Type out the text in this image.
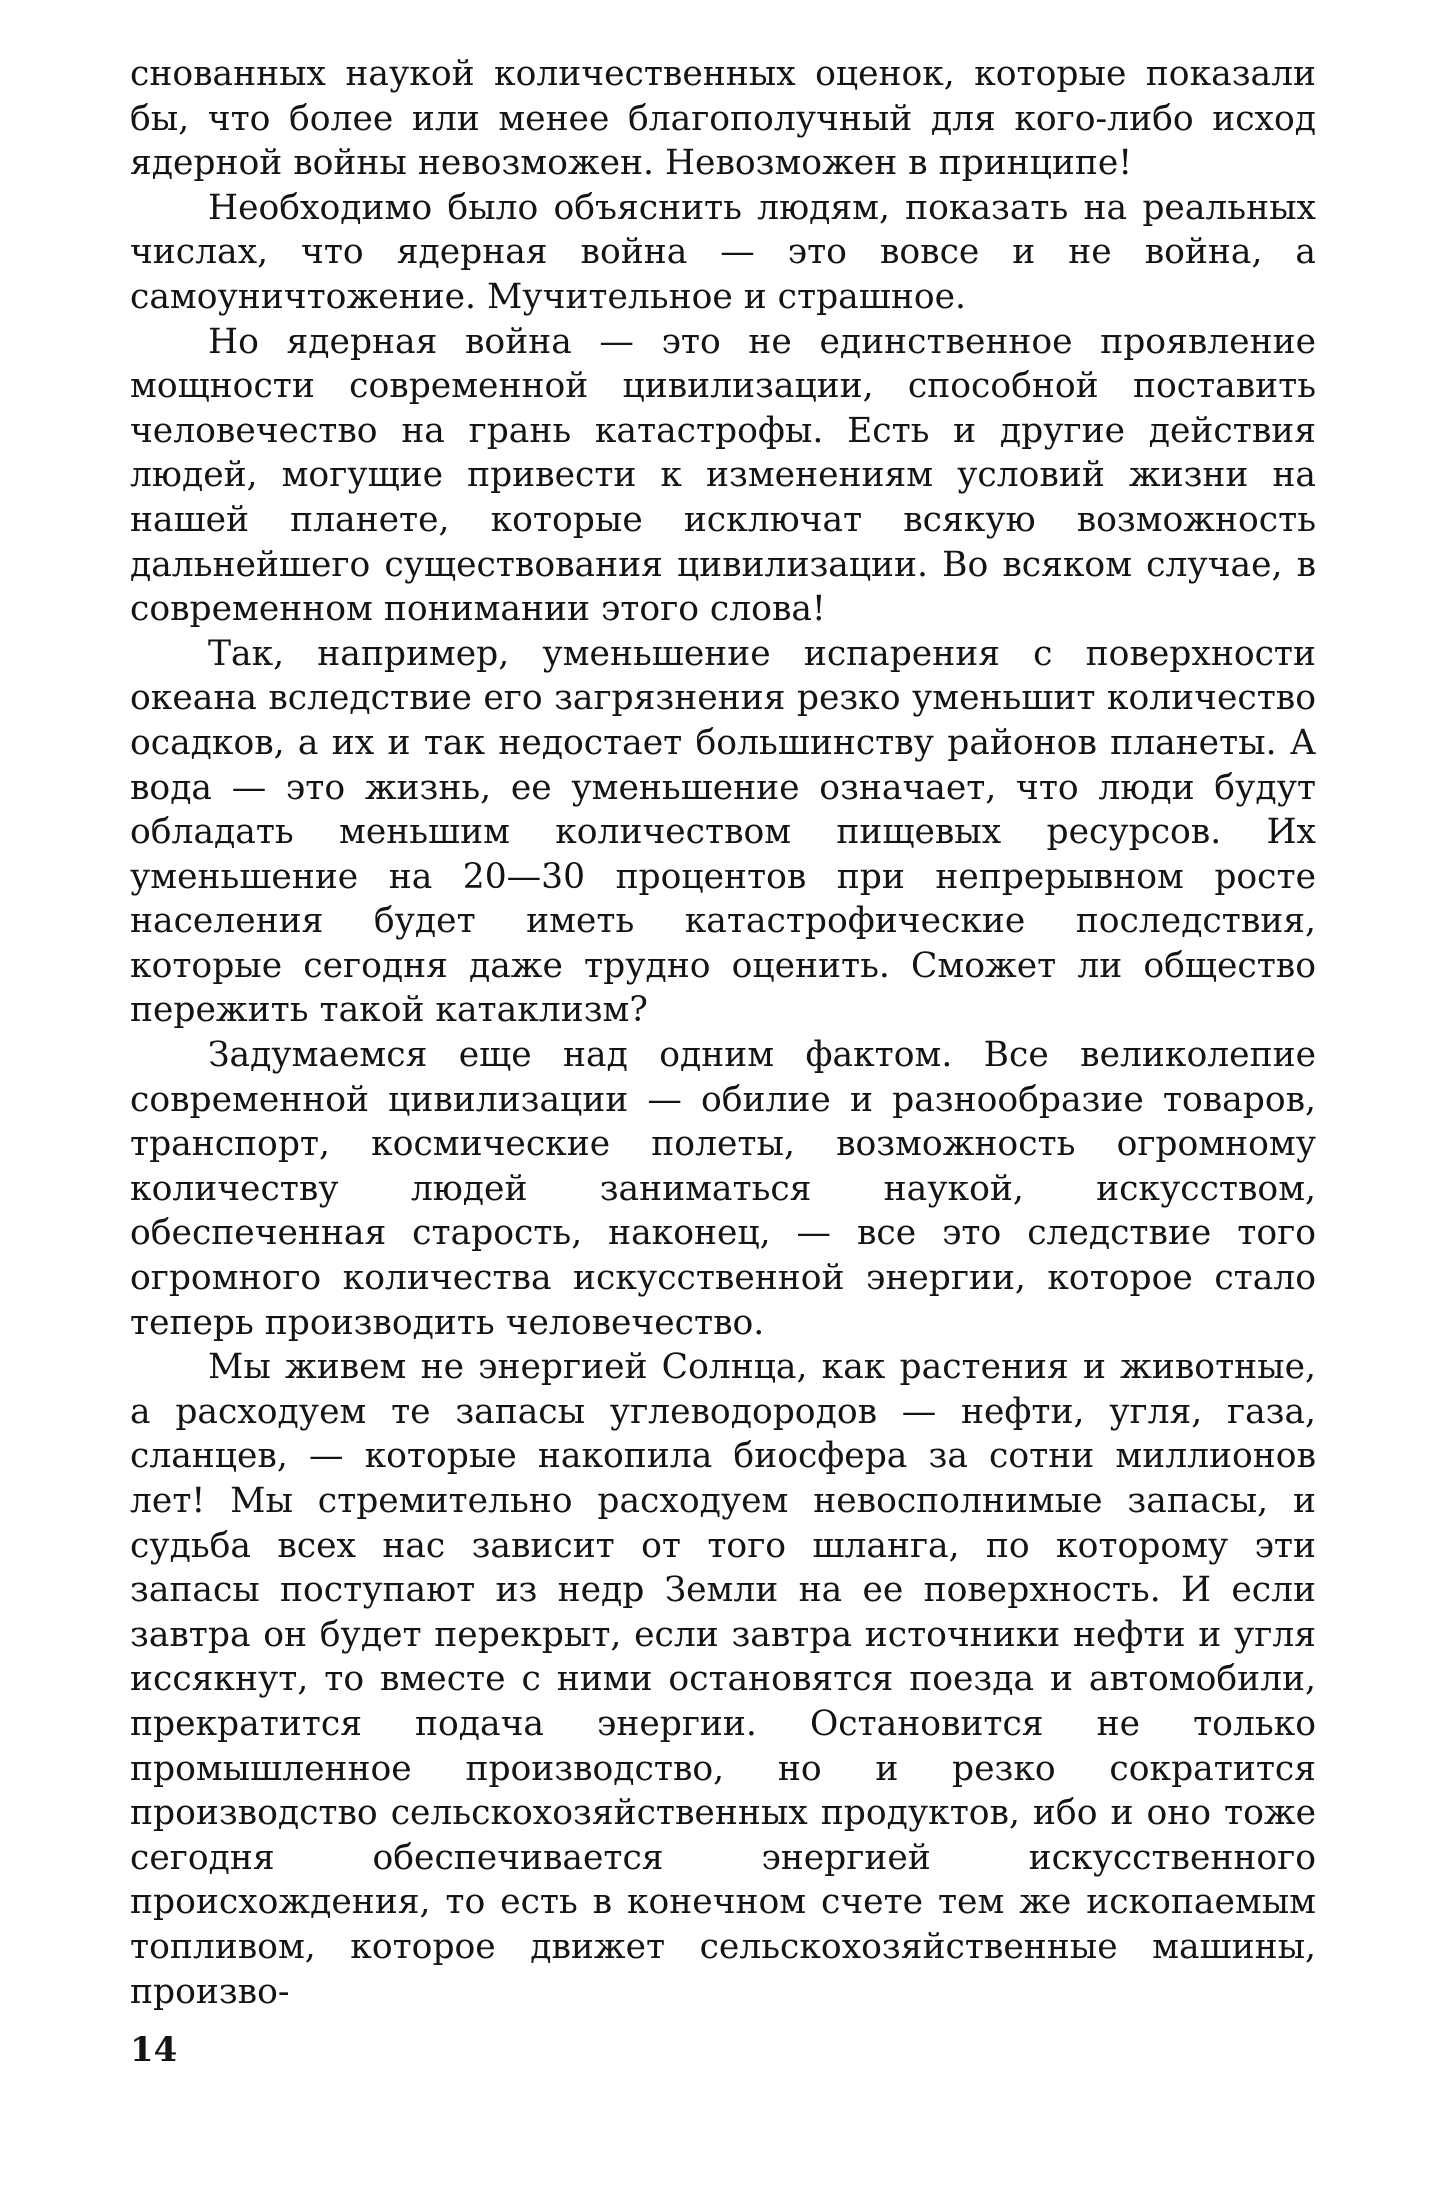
снованных наукой количественных оценок, которые показали бы, что более или менее благополучный для кого-либо исход ядерной войны невозможен. Невозможен в принципе!

Необходимо было объяснить людям, показать на реальных числах, что ядерная война — это вовсе и не война, а самоуничтожение. Мучительное и страшное.

Но ядерная война — это не единственное проявление мощности современной цивилизации, способной поставить человечество на грань катастрофы. Есть и другие действия людей, могущие привести к изменениям условий жизни на нашей планете, которые исключат всякую возможность дальнейшего существования цивилизации. Во всяком случае, в современном понимании этого слова!

Так, например, уменьшение испарения с поверхности океана вследствие его загрязнения резко уменьшит количество осадков, а их и так недостает большинству районов планеты. А вода — это жизнь, ее уменьшение означает, что люди будут обладать меньшим количеством пищевых ресурсов. Их уменьшение на 20—30 процентов при непрерывном росте населения будет иметь катастрофические последствия, которые сегодня даже трудно оценить. Сможет ли общество пережить такой катаклизм?

Задумаемся еще над одним фактом. Все великолепие современной цивилизации — обилие и разнообразие товаров, транспорт, космические полеты, возможность огромному количеству людей заниматься наукой, искусством, обеспеченная старость, наконец, — все это следствие того огромного количества искусственной энергии, которое стало теперь производить человечество.

Мы живем не энергией Солнца, как растения и животные, а расходуем те запасы углеводородов — нефти, угля, газа, сланцев, — которые накопила биосфера за сотни миллионов лет! Мы стремительно расходуем невосполнимые запасы, и судьба всех нас зависит от того шланга, по которому эти запасы поступают из недр Земли на ее поверхность. И если завтра он будет перекрыт, если завтра источники нефти и угля иссякнут, то вместе с ними остановятся поезда и автомобили, прекратится подача энергии. Остановится не только промышленное производство, но и резко сократится производство сельскохозяйственных продуктов, ибо и оно тоже сегодня обеспечивается энергией искусственного происхождения, то есть в конечном счете тем же ископаемым топливом, которое движет сельскохозяйственные машины, произво-

14
